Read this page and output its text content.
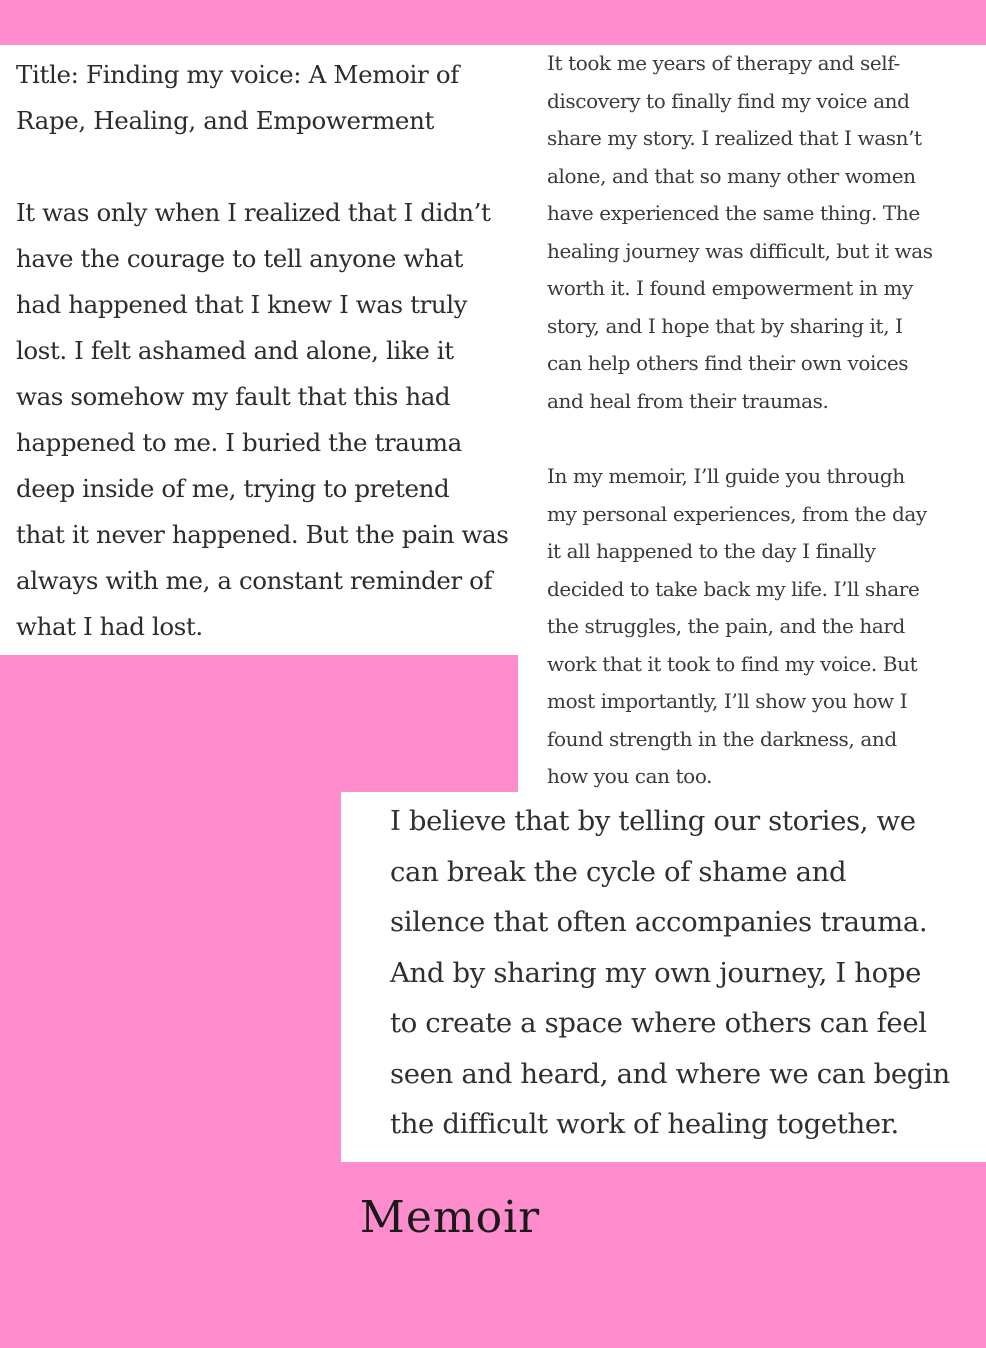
Title: Finding my voice: A Memoir of
Rape, Healing, and Empowerment
It was only when I realized that I didn’t
have the courage to tell anyone what
had happened that I knew I was truly
lost. I felt ashamed and alone, like it
was somehow my fault that this had
happened to me. I buried the trauma
deep inside of me, trying to pretend
that it never happened. But the pain was
always with me, a constant reminder of
what I had lost.
It took me years of therapy and self-
discovery to finally find my voice and
share my story. I realized that I wasn’t
alone, and that so many other women
have experienced the same thing. The
healing journey was difficult, but it was
worth it. I found empowerment in my
story, and I hope that by sharing it, I
can help others find their own voices
and heal from their traumas.
In my memoir, I’ll guide you through
my personal experiences, from the day
it all happened to the day I finally
decided to take back my life. I’ll share
the struggles, the pain, and the hard
work that it took to find my voice. But
most importantly, I’ll show you how I
found strength in the darkness, and
how you can too.
I believe that by telling our stories, we
can break the cycle of shame and
silence that often accompanies trauma.
And by sharing my own journey, I hope
to create a space where others can feel
seen and heard, and where we can begin
the difficult work of healing together.
Memoir
